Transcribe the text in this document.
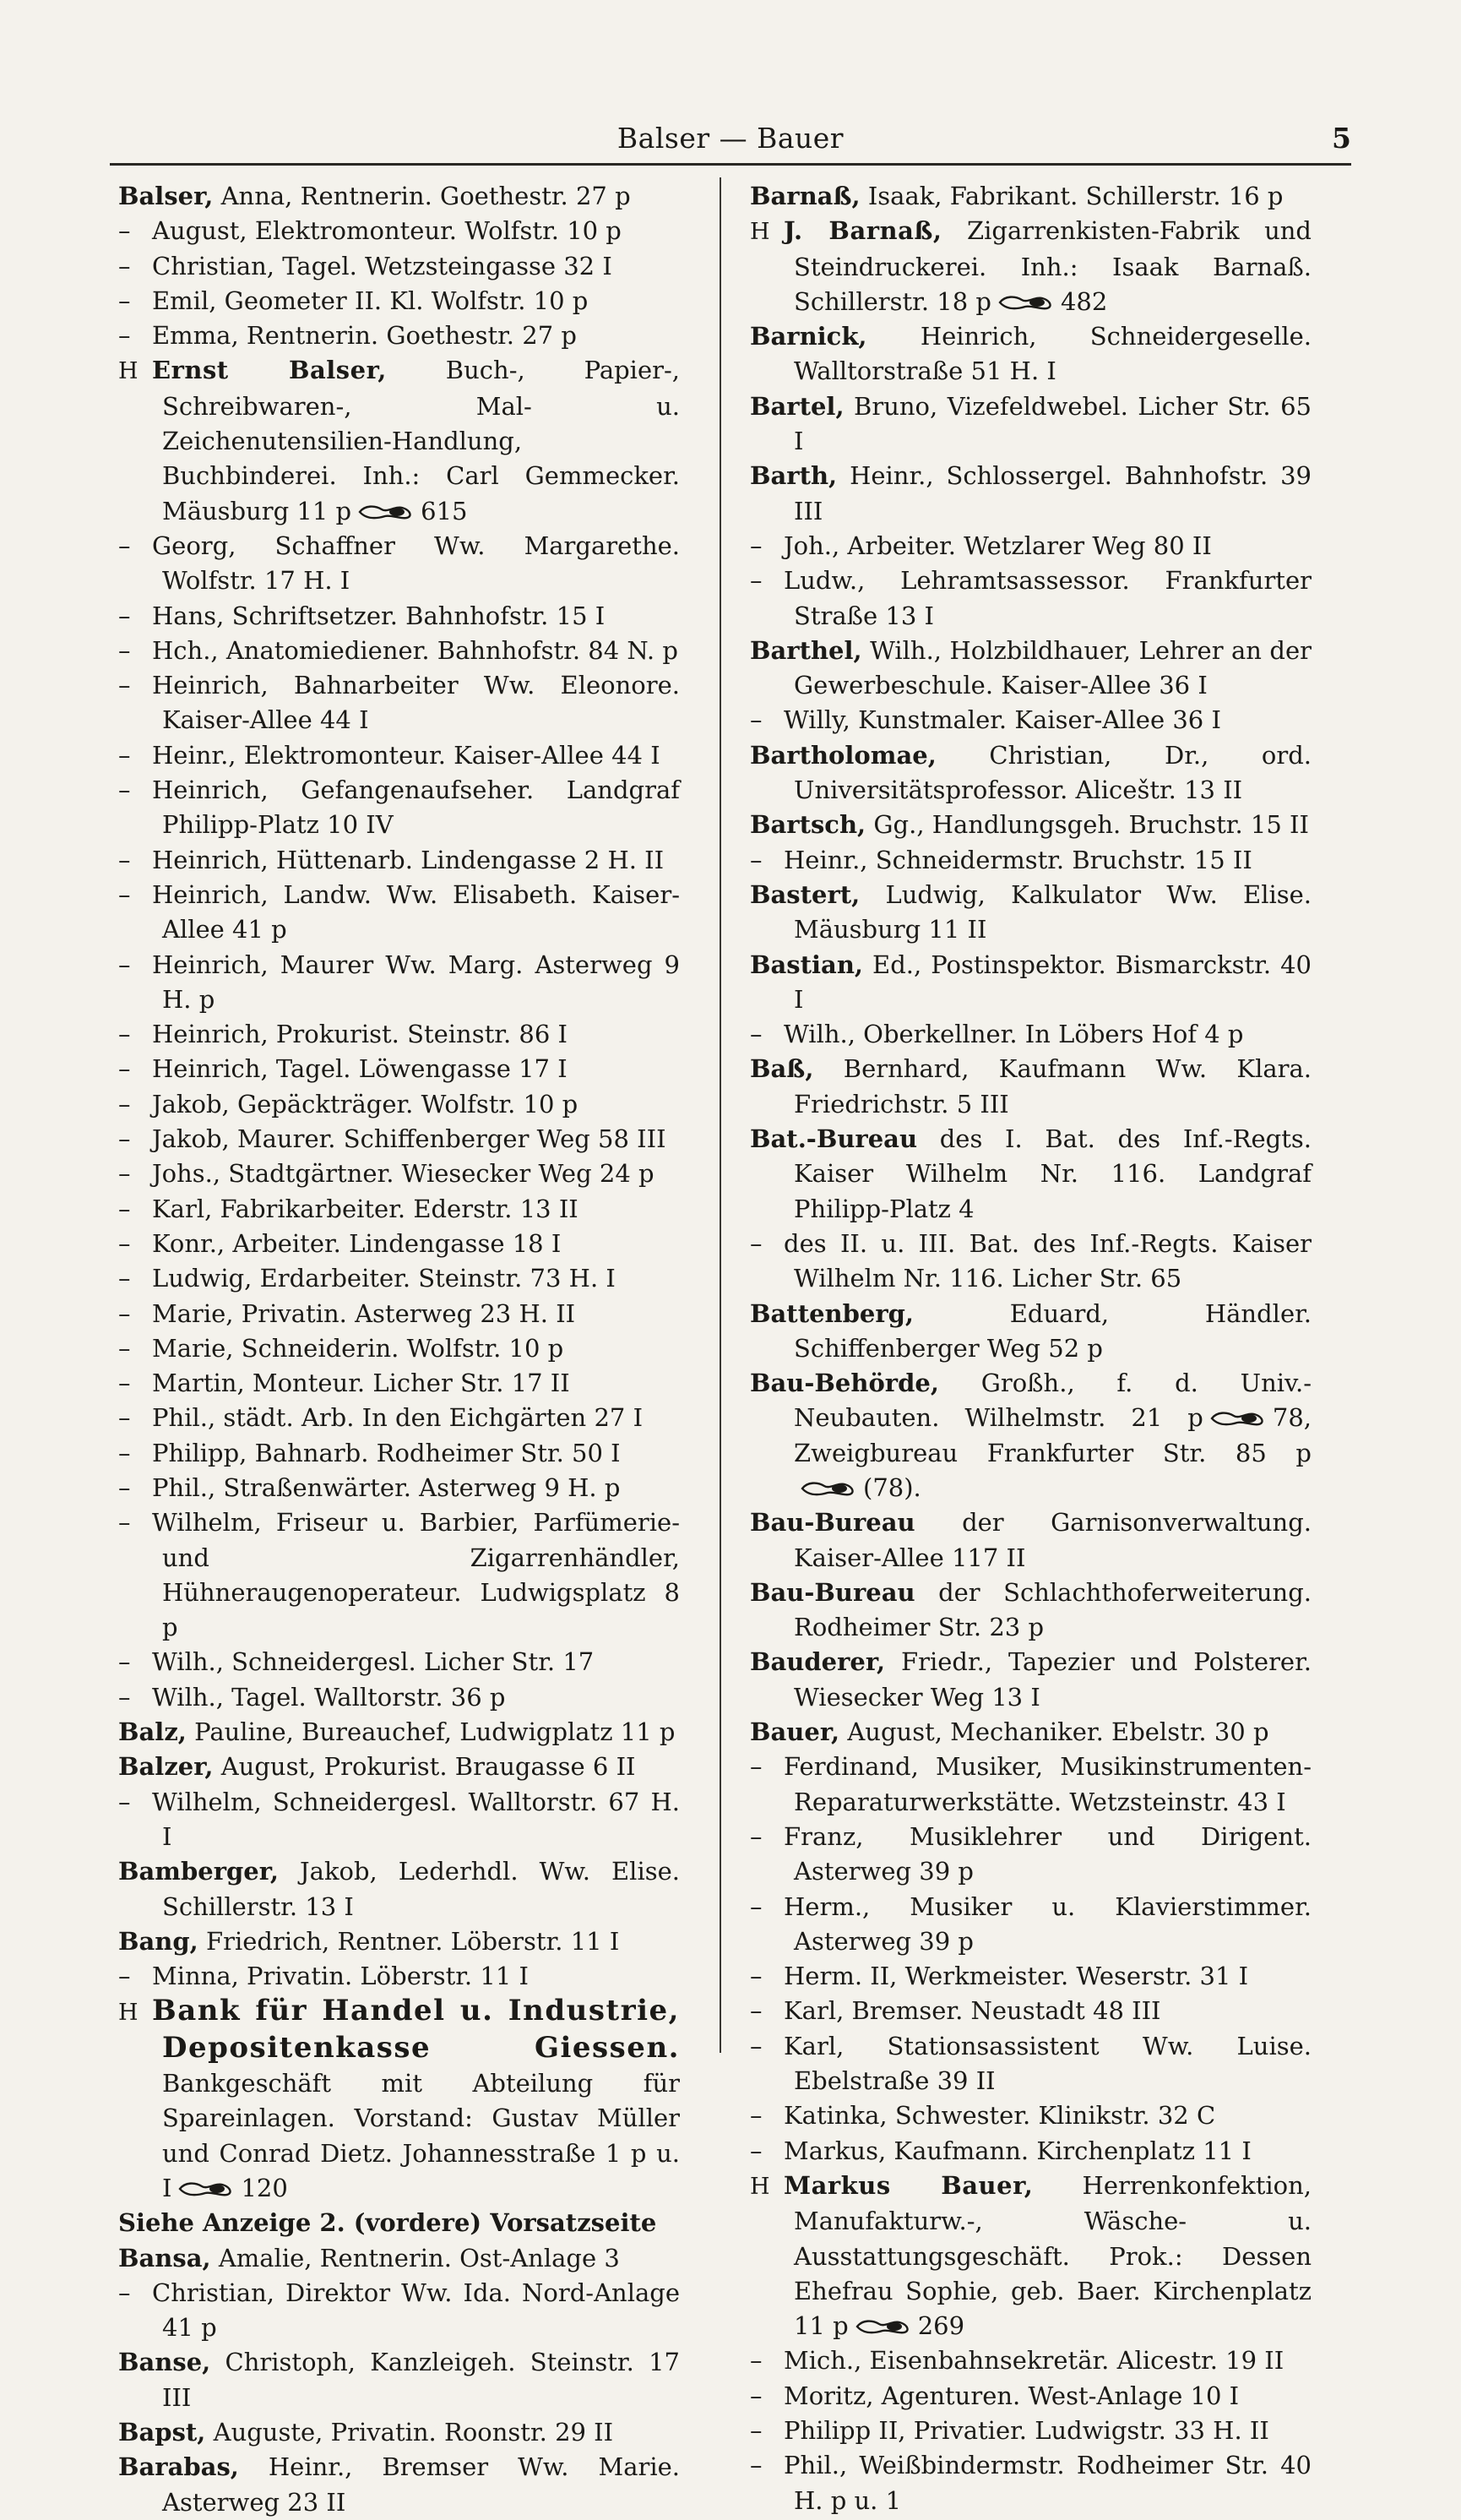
Balser — Bauer	5
Balser, Anna, Rentnerin. Goethestr. 27 p
– August, Elektromonteur. Wolfstr. 10 p
– Christian, Tagel. Wetzsteingasse 32 I
– Emil, Geometer II. Kl. Wolfstr. 10 p
– Emma, Rentnerin. Goethestr. 27 p
H Ernst Balser, Buch-, Papier-, Schreibwaren-, Mal- u. Zeichenutensilien-Handlung, Buchbinderei. Inh.: Carl Gemmecker. Mäusburg 11 p	615
– Georg, Schaffner Ww. Margarethe. Wolfstr. 17 H. I
– Hans, Schriftsetzer. Bahnhofstr. 15 I
– Hch., Anatomiediener. Bahnhofstr. 84 N. p
– Heinrich, Bahnarbeiter Ww. Eleonore. Kaiser-Allee 44 I
– Heinr., Elektromonteur. Kaiser-Allee 44 I
– Heinrich, Gefangenaufseher. Landgraf Philipp-Platz 10 IV
– Heinrich, Hüttenarb. Lindengasse 2 H. II
– Heinrich, Landw. Ww. Elisabeth. Kaiser-Allee 41 p
– Heinrich, Maurer Ww. Marg. Asterweg 9 H. p
– Heinrich, Prokurist. Steinstr. 86 I
– Heinrich, Tagel. Löwengasse 17 I
– Jakob, Gepäckträger. Wolfstr. 10 p
– Jakob, Maurer. Schiffenberger Weg 58 III
– Johs., Stadtgärtner. Wiesecker Weg 24 p
– Karl, Fabrikarbeiter. Ederstr. 13 II
– Konr., Arbeiter. Lindengasse 18 I
– Ludwig, Erdarbeiter. Steinstr. 73 H. I
– Marie, Privatin. Asterweg 23 H. II
– Marie, Schneiderin. Wolfstr. 10 p
– Martin, Monteur. Licher Str. 17 II
– Phil., städt. Arb. In den Eichgärten 27 I
– Philipp, Bahnarb. Rodheimer Str. 50 I
– Phil., Straßenwärter. Asterweg 9 H. p
– Wilhelm, Friseur u. Barbier, Parfümerie- und Zigarrenhändler, Hühneraugenoperateur. Ludwigsplatz 8 p
– Wilh., Schneidergesl. Licher Str. 17
– Wilh., Tagel. Walltorstr. 36 p
Balz, Pauline, Bureauchef, Ludwigplatz 11 p
Balzer, August, Prokurist. Braugasse 6 II
– Wilhelm, Schneidergesl. Walltorstr. 67 H. I
Bamberger, Jakob, Lederhdl. Ww. Elise. Schillerstr. 13 I
Bang, Friedrich, Rentner. Löberstr. 11 I
– Minna, Privatin. Löberstr. 11 I
H Bank für Handel u. Industrie, Depositenkasse Giessen. Bankgeschäft mit Abteilung für Spareinlagen. Vorstand: Gustav Müller und Conrad Dietz. Johannesstraße 1 p u. I	120
Siehe Anzeige 2. (vordere) Vorsatzseite
Bansa, Amalie, Rentnerin. Ost-Anlage 3
– Christian, Direktor Ww. Ida. Nord-Anlage 41 p
Banse, Christoph, Kanzleigeh. Steinstr. 17 III
Bapst, Auguste, Privatin. Roonstr. 29 II
Barabas, Heinr., Bremser Ww. Marie. Asterweg 23 II
Barnaß, Isaak, Fabrikant. Schillerstr. 16 p
H J. Barnaß, Zigarrenkisten-Fabrik und Steindruckerei. Inh.: Isaak Barnaß. Schillerstr. 18 p	482
Barnick, Heinrich, Schneidergeselle. Walltorstraße 51 H. I
Bartel, Bruno, Vizefeldwebel. Licher Str. 65 I
Barth, Heinr., Schlossergel. Bahnhofstr. 39 III
– Joh., Arbeiter. Wetzlarer Weg 80 II
– Ludw., Lehramtsassessor. Frankfurter Straße 13 I
Barthel, Wilh., Holzbildhauer, Lehrer an der Gewerbeschule. Kaiser-Allee 36 I
– Willy, Kunstmaler. Kaiser-Allee 36 I
Bartholomae, Christian, Dr., ord. Universitätsprofessor. Aliceštr. 13 II
Bartsch, Gg., Handlungsgeh. Bruchstr. 15 II
– Heinr., Schneidermstr. Bruchstr. 15 II
Bastert, Ludwig, Kalkulator Ww. Elise. Mäusburg 11 II
Bastian, Ed., Postinspektor. Bismarckstr. 40 I
– Wilh., Oberkellner. In Löbers Hof 4 p
Baß, Bernhard, Kaufmann Ww. Klara. Friedrichstr. 5 III
Bat.-Bureau des I. Bat. des Inf.-Regts. Kaiser Wilhelm Nr. 116. Landgraf Philipp-Platz 4
– des II. u. III. Bat. des Inf.-Regts. Kaiser Wilhelm Nr. 116. Licher Str. 65
Battenberg,	Eduard, Händler. Schiffenberger Weg 52 p
Bau-Behörde, Großh., f. d. Univ.-Neubauten. Wilhelmstr. 21 p	78, Zweigbureau Frankfurter Str. 85 p(78).
Bau-Bureau der Garnisonverwaltung. Kaiser-Allee 117 II
Bau-Bureau der Schlachthoferweiterung. Rodheimer Str. 23 p
Bauderer, Friedr., Tapezier und Polsterer. Wiesecker Weg 13 I
Bauer, August, Mechaniker. Ebelstr. 30 p
– Ferdinand, Musiker, Musikinstrumenten-Reparaturwerkstätte. Wetzsteinstr. 43 I
– Franz, Musiklehrer und Dirigent. Asterweg 39 p
– Herm., Musiker u. Klavierstimmer. Asterweg 39 p
– Herm. II, Werkmeister. Weserstr. 31 I
– Karl, Bremser. Neustadt 48 III
– Karl, Stationsassistent Ww. Luise. Ebelstraße 39 II
– Katinka, Schwester. Klinikstr. 32 C
– Markus, Kaufmann. Kirchenplatz 11 I
H Markus Bauer, Herrenkonfektion, Manufakturw.-, Wäsche- u. Ausstattungsgeschäft. Prok.: Dessen Ehefrau Sophie, geb. Baer. Kirchenplatz 11 p	269
– Mich., Eisenbahnsekretär. Alicestr. 19 II
– Moritz, Agenturen. West-Anlage 10 I
– Philipp II, Privatier. Ludwigstr. 33 H. II
– Phil., Weißbindermstr. Rodheimer Str. 40 H. p u. 1
